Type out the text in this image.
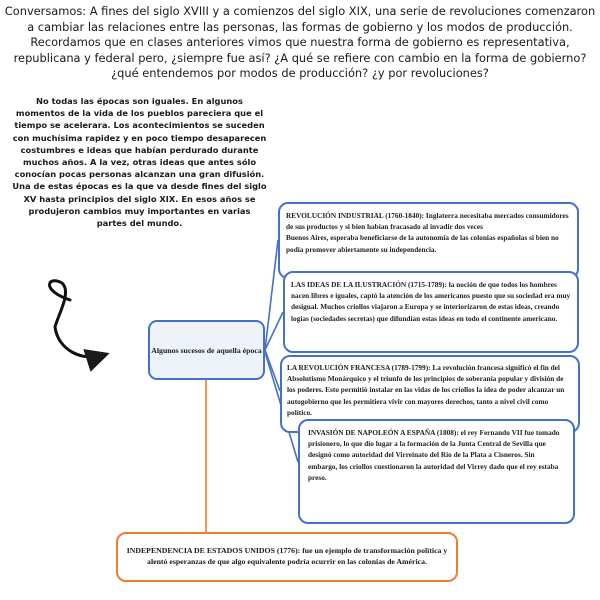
Conversamos: A fines del siglo XVIII y a comienzos del siglo XIX, una serie de revoluciones comenzaron a cambiar las relaciones entre las personas, las formas de gobierno y los modos de producción. Recordamos que en clases anteriores vimos que nuestra forma de gobierno es representativa, republicana y federal pero, ¿siempre fue así? ¿A qué se refiere con cambio en la forma de gobierno? ¿qué entendemos por modos de producción? ¿y por revoluciones?
No todas las épocas son iguales. En algunos momentos de la vida de los pueblos pareciera que el tiempo se acelerara. Los acontecimientos se suceden con muchísima rapidez y en poco tiempo desaparecen costumbres e ideas que habían perdurado durante muchos años. A la vez, otras ideas que antes sólo conocían pocas personas alcanzan una gran difusión.
Una de estas épocas es la que va desde fines del siglo XV hasta principios del siglo XIX. En esos años se produjeron cambios muy importantes en varias partes del mundo.
REVOLUCIÓN INDUSTRIAL (1760-1840): Inglaterra necesitaba mercados consumidores de sus productos y si bien habían fracasado al invadir dos veces
Buenos Aires, esperaba beneficiarse de la autonomía de las colonias españolas si bien no podía promover abiertamente su independencia.
LAS IDEAS DE LA ILUSTRACIÓN (1715-1789): la noción de que todos los hombres nacen libres e iguales, captó la atención de los americanos puesto que su sociedad era muy desigual. Muchos criollos viajaron a Europa y se interiorizaron de estas ideas, creando logias (sociedades secretas) que difundían estas ideas en todo el continente americano.
LA REVOLUCIÓN FRANCESA (1789-1799): La revolución francesa significó el fin del Absolutismo Monárquico y el triunfo de los principios de soberanía popular y división de los poderes. Esto permitió instalar en las vidas de los criollos la idea de poder alcanzar un autogobierno que les permitiera vivir con mayores derechos, tanto a nivel civil como político.
INVASIÓN DE NAPOLEÓN A ESPAÑA (1808): el rey Fernando VII fue tomado prisionero, lo que dio lugar a la formación de la Junta Central de Sevilla que designó como autoridad del Virreinato del Río de la Plata a Cisneros. Sin embargo, los criollos cuestionaron la autoridad del Virrey dado que el rey estaba preso.
Algunos sucesos de aquella época
INDEPENDENCIA DE ESTADOS UNIDOS (1776): fue un ejemplo de transformación política y
alentó esperanzas de que algo equivalente podría ocurrir en las colonias de América.
